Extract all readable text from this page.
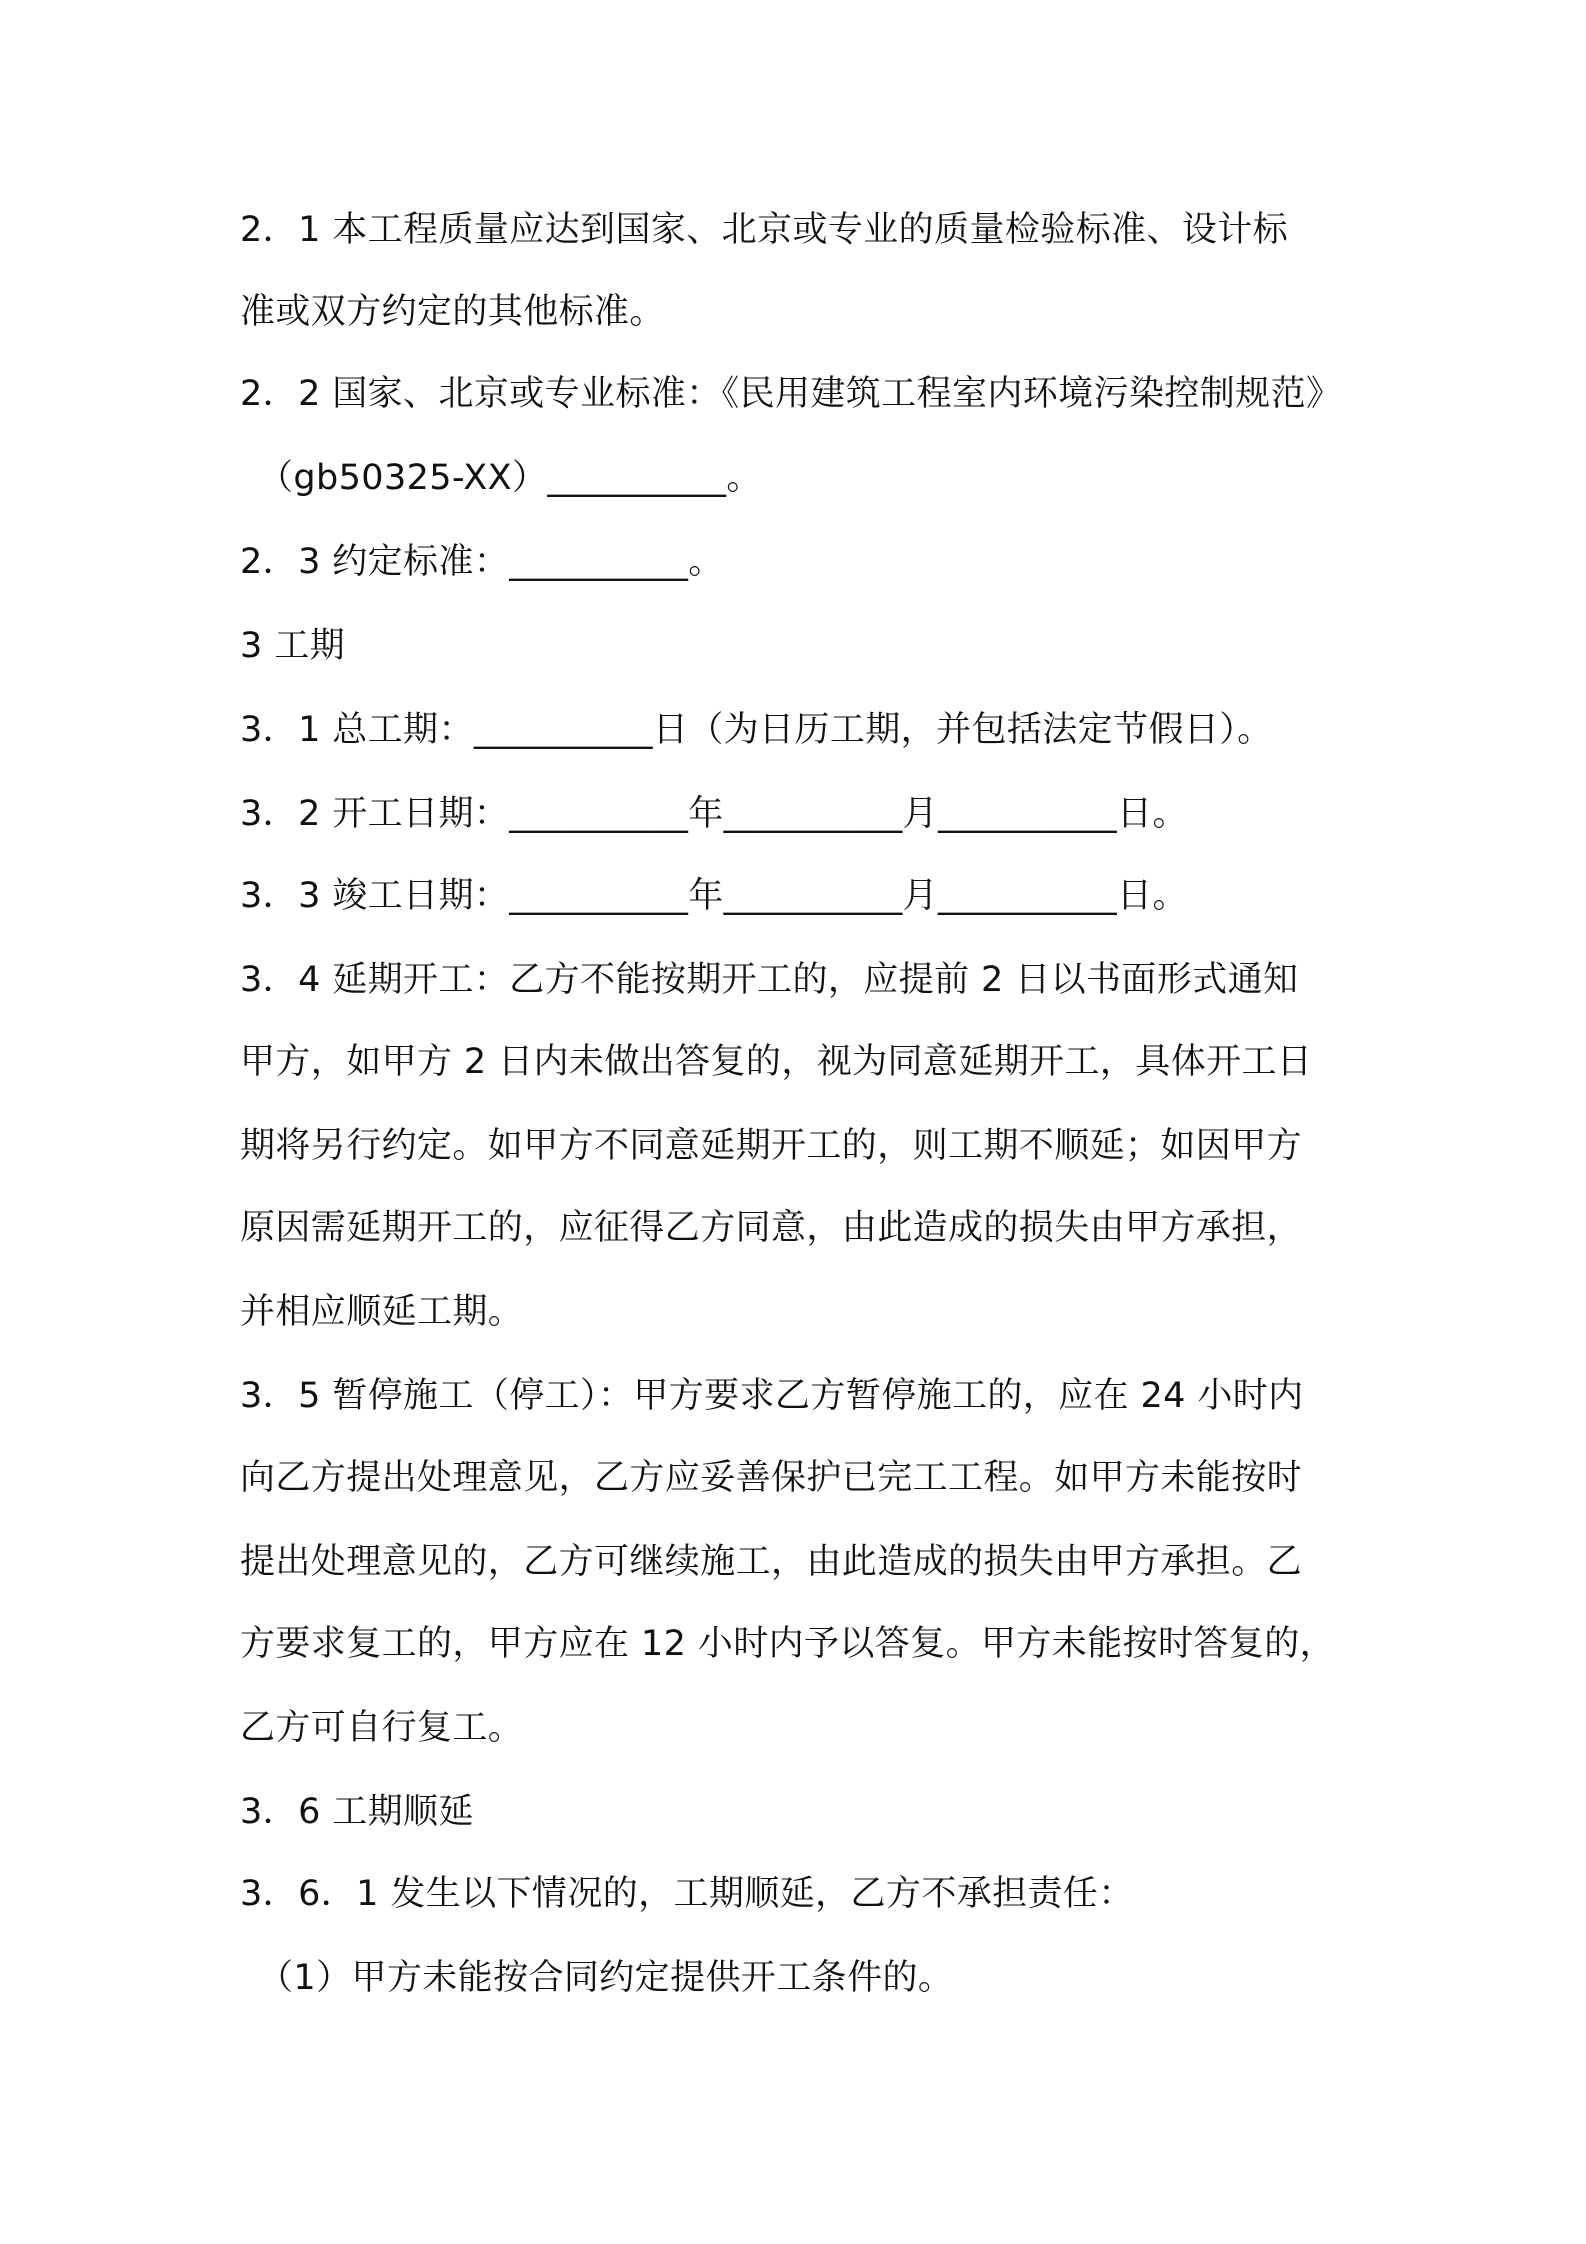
2．1 本工程质量应达到国家、北京或专业的质量检验标准、设计标
准或双方约定的其他标准。
2．2 国家、北京或专业标准：《民用建筑工程室内环境污染控制规范》
（gb50325-XX）__________。
2．3 约定标准：__________。
3 工期
3．1 总工期：__________日（为日历工期，并包括法定节假日）。
3．2 开工日期：__________年__________月__________日。
3．3 竣工日期：__________年__________月__________日。
3．4 延期开工：乙方不能按期开工的，应提前 2 日以书面形式通知
甲方，如甲方 2 日内未做出答复的，视为同意延期开工，具体开工日
期将另行约定。如甲方不同意延期开工的，则工期不顺延；如因甲方
原因需延期开工的，应征得乙方同意，由此造成的损失由甲方承担，
并相应顺延工期。
3．5 暂停施工（停工）：甲方要求乙方暂停施工的，应在 24 小时内
向乙方提出处理意见，乙方应妥善保护已完工工程。如甲方未能按时
提出处理意见的，乙方可继续施工，由此造成的损失由甲方承担。乙
方要求复工的，甲方应在 12 小时内予以答复。甲方未能按时答复的，
乙方可自行复工。
3．6 工期顺延
3．6．1 发生以下情况的，工期顺延，乙方不承担责任：
（1）甲方未能按合同约定提供开工条件的。
